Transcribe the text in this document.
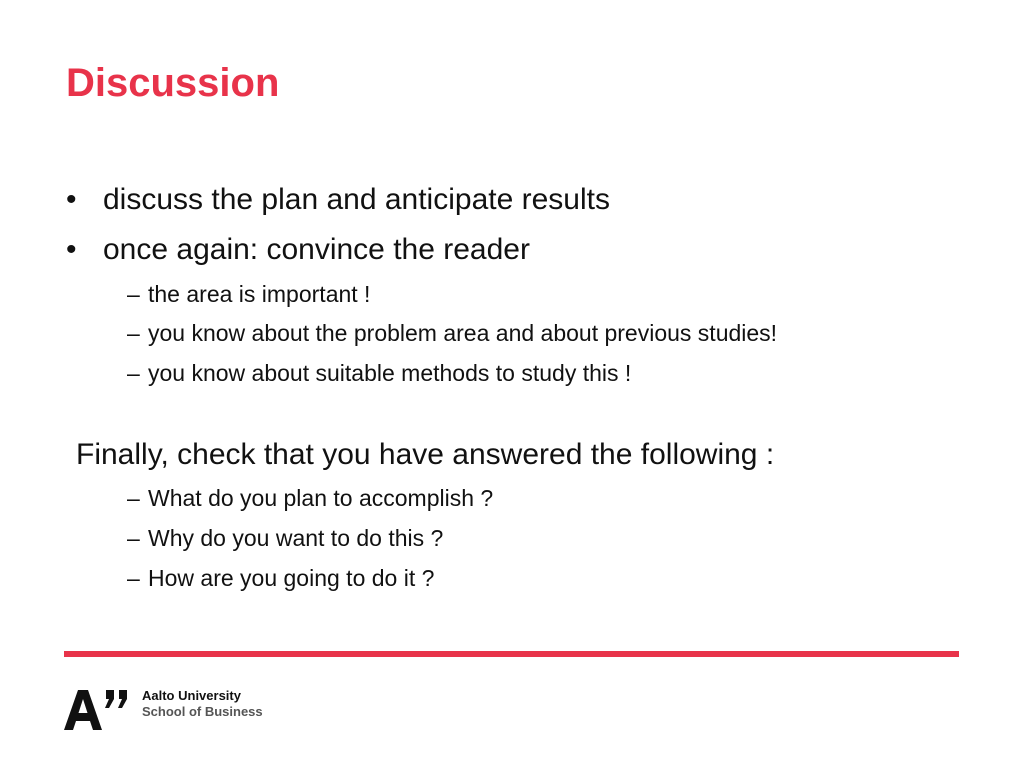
Discussion
• discuss the plan and anticipate results
• once again: convince the reader
– the area is important !
– you know about the problem area and about previous studies!
– you know about suitable methods to study this !
Finally, check that you have answered the following :
– What do you plan to accomplish ?
– Why do you want to do this ?
– How are you going to do it ?
Aalto University
School of Business
